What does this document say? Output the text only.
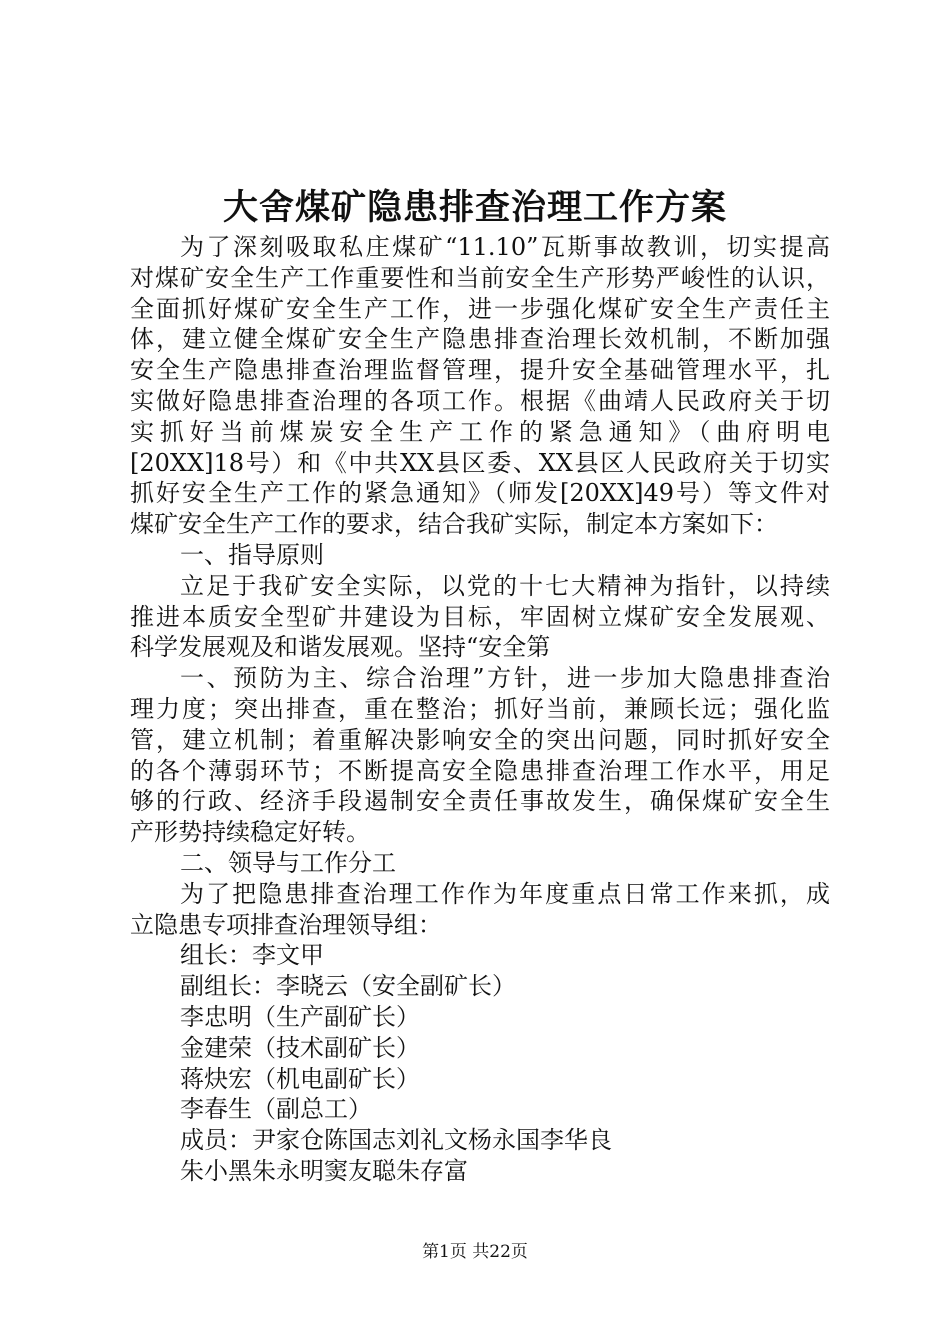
大舍煤矿隐患排查治理工作方案
为了深刻吸取私庄煤矿“11.10”瓦斯事故教训，切实提高
对煤矿安全生产工作重要性和当前安全生产形势严峻性的认识，
全面抓好煤矿安全生产工作，进一步强化煤矿安全生产责任主
体，建立健全煤矿安全生产隐患排查治理长效机制，不断加强
安全生产隐患排查治理监督管理，提升安全基础管理水平，扎
实做好隐患排查治理的各项工作。根据《曲靖人民政府关于切
实抓好当前煤炭安全生产工作的紧急通知》（曲府明电
[20XX]18号）和《中共XX县区委、XX县区人民政府关于切实
抓好安全生产工作的紧急通知》（师发[20XX]49号）等文件对
煤矿安全生产工作的要求，结合我矿实际，制定本方案如下：
一、指导原则
立足于我矿安全实际，以党的十七大精神为指针，以持续
推进本质安全型矿井建设为目标，牢固树立煤矿安全发展观、
科学发展观及和谐发展观。坚持“安全第
一、预防为主、综合治理”方针，进一步加大隐患排查治
理力度；突出排查，重在整治；抓好当前，兼顾长远；强化监
管，建立机制；着重解决影响安全的突出问题，同时抓好安全
的各个薄弱环节；不断提高安全隐患排查治理工作水平，用足
够的行政、经济手段遏制安全责任事故发生，确保煤矿安全生
产形势持续稳定好转。
二、领导与工作分工
为了把隐患排查治理工作作为年度重点日常工作来抓，成
立隐患专项排查治理领导组：
组长：李文甲
副组长：李晓云（安全副矿长）
李忠明（生产副矿长）
金建荣（技术副矿长）
蒋炔宏（机电副矿长）
李春生（副总工）
成员：尹家仓陈国志刘礼文杨永国李华良
朱小黑朱永明窦友聪朱存富
第1页 共22页
